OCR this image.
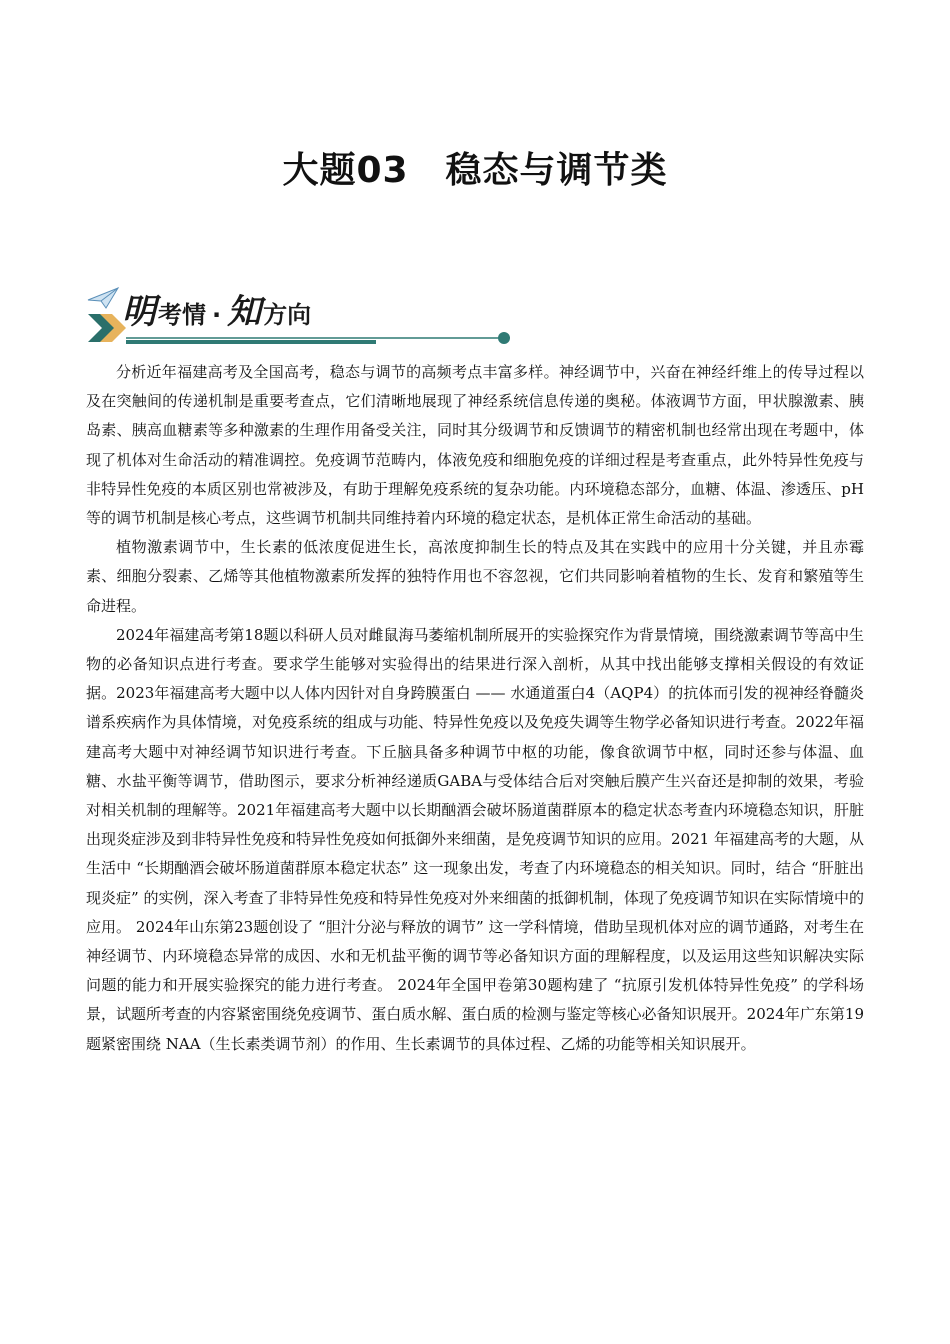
大题03　稳态与调节类
明 考情 · 知 方向

分析近年福建高考及全国高考，稳态与调节的高频考点丰富多样。神经调节中，兴奋在神经纤维上的传导过程以及在突触间的传递机制是重要考查点，它们清晰地展现了神经系统信息传递的奥秘。体液调节方面，甲状腺激素、胰岛素、胰高血糖素等多种激素的生理作用备受关注，同时其分级调节和反馈调节的精密机制也经常出现在考题中，体现了机体对生命活动的精准调控。免疫调节范畴内，体液免疫和细胞免疫的详细过程是考查重点，此外特异性免疫与非特异性免疫的本质区别也常被涉及，有助于理解免疫系统的复杂功能。内环境稳态部分，血糖、体温、渗透压、pH 等的调节机制是核心考点，这些调节机制共同维持着内环境的稳定状态，是机体正常生命活动的基础。

植物激素调节中，生长素的低浓度促进生长，高浓度抑制生长的特点及其在实践中的应用十分关键，并且赤霉素、细胞分裂素、乙烯等其他植物激素所发挥的独特作用也不容忽视，它们共同影响着植物的生长、发育和繁殖等生命进程。

2024年福建高考第18题以科研人员对雌鼠海马萎缩机制所展开的实验探究作为背景情境，围绕激素调节等高中生物的必备知识点进行考查。要求学生能够对实验得出的结果进行深入剖析，从其中找出能够支撑相关假设的有效证据。2023年福建高考大题中以人体内因针对自身跨膜蛋白 —— 水通道蛋白4（AQP4）的抗体而引发的视神经脊髓炎谱系疾病作为具体情境，对免疫系统的组成与功能、特异性免疫以及免疫失调等生物学必备知识进行考查。2022年福建高考大题中对神经调节知识进行考查。下丘脑具备多种调节中枢的功能，像食欲调节中枢，同时还参与体温、血糖、水盐平衡等调节，借助图示，要求分析神经递质GABA与受体结合后对突触后膜产生兴奋还是抑制的效果，考验对相关机制的理解等。2021年福建高考大题中以长期酗酒会破坏肠道菌群原本的稳定状态考查内环境稳态知识，肝脏出现炎症涉及到非特异性免疫和特异性免疫如何抵御外来细菌，是免疫调节知识的应用。2021 年福建高考的大题，从生活中 “长期酗酒会破坏肠道菌群原本稳定状态” 这一现象出发，考查了内环境稳态的相关知识。同时，结合 “肝脏出现炎症” 的实例，深入考查了非特异性免疫和特异性免疫对外来细菌的抵御机制，体现了免疫调节知识在实际情境中的应用。 2024年山东第23题创设了 “胆汁分泌与释放的调节” 这一学科情境，借助呈现机体对应的调节通路，对考生在神经调节、内环境稳态异常的成因、水和无机盐平衡的调节等必备知识方面的理解程度，以及运用这些知识解决实际问题的能力和开展实验探究的能力进行考查。 2024年全国甲卷第30题构建了 “抗原引发机体特异性免疫” 的学科场景，试题所考查的内容紧密围绕免疫调节、蛋白质水解、蛋白质的检测与鉴定等核心必备知识展开。2024年广东第19题紧密围绕 NAA（生长素类调节剂）的作用、生长素调节的具体过程、乙烯的功能等相关知识展开。
